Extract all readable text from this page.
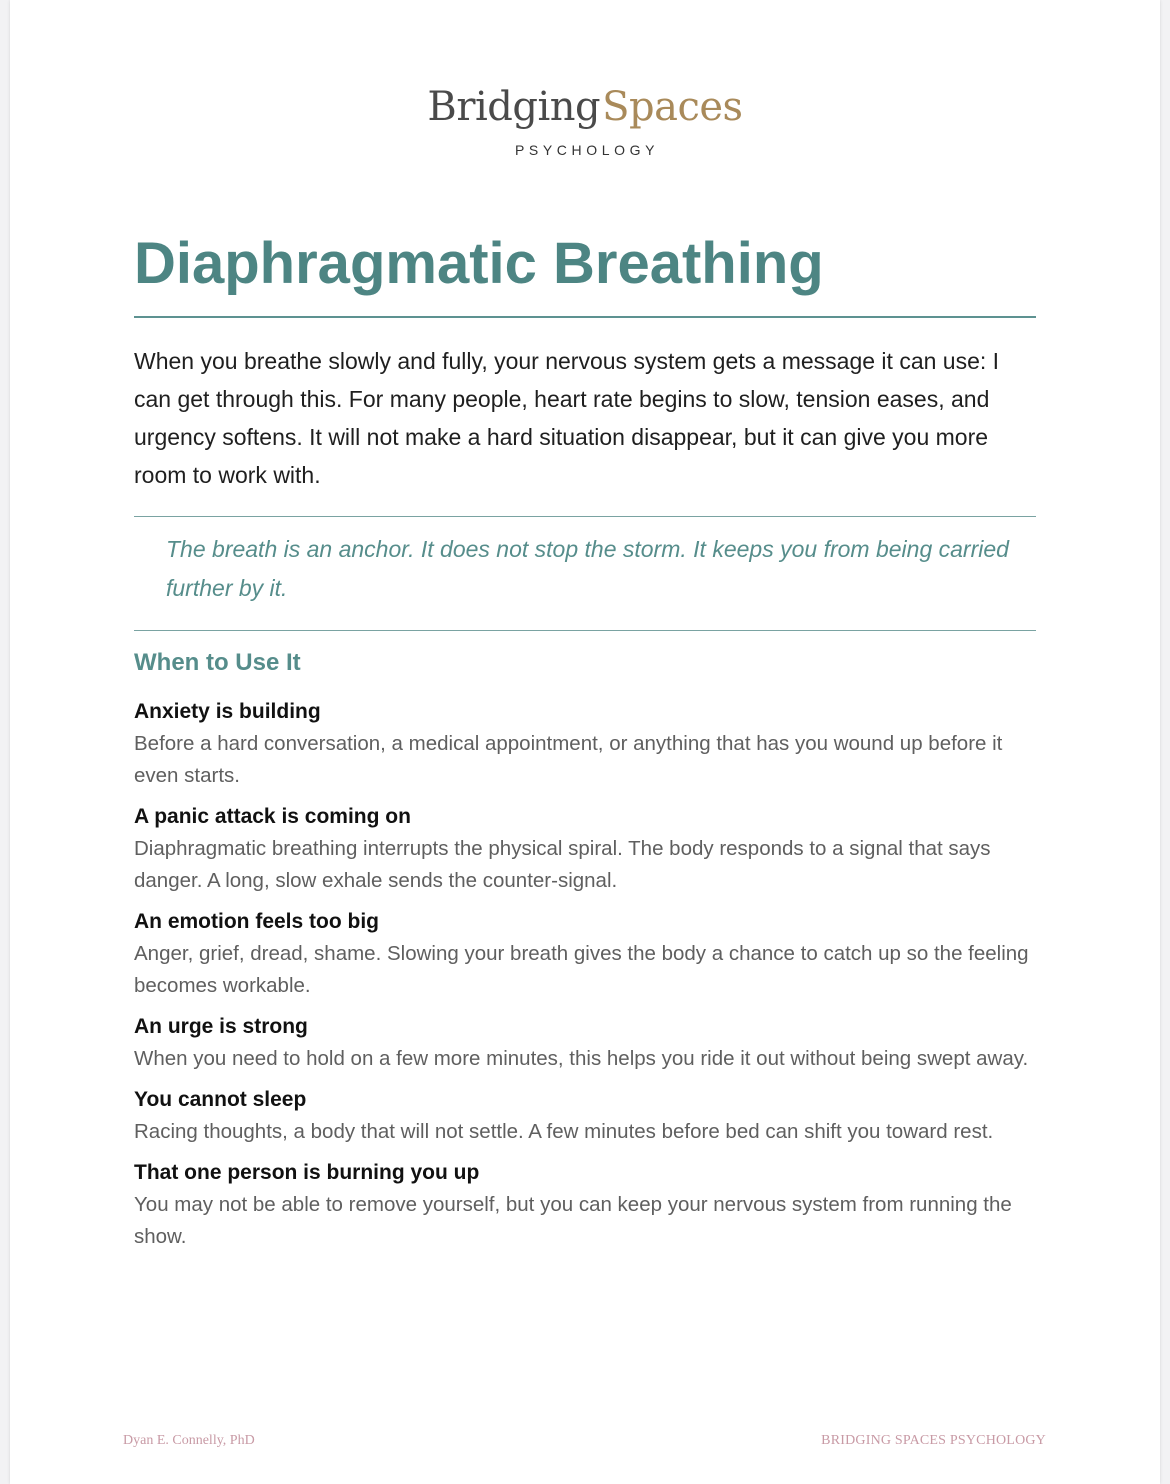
BridgingSpaces
PSYCHOLOGY
Diaphragmatic Breathing

When you breathe slowly and fully, your nervous system gets a message it can use: I can get through this. For many people, heart rate begins to slow, tension eases, and urgency softens. It will not make a hard situation disappear, but it can give you more room to work with.

The breath is an anchor. It does not stop the storm. It keeps you from being carried further by it.

When to Use It
Anxiety is building
Before a hard conversation, a medical appointment, or anything that has you wound up before it even starts.
A panic attack is coming on
Diaphragmatic breathing interrupts the physical spiral. The body responds to a signal that says danger. A long, slow exhale sends the counter-signal.
An emotion feels too big
Anger, grief, dread, shame. Slowing your breath gives the body a chance to catch up so the feeling becomes workable.
An urge is strong
When you need to hold on a few more minutes, this helps you ride it out without being swept away.
You cannot sleep
Racing thoughts, a body that will not settle. A few minutes before bed can shift you toward rest.
That one person is burning you up
You may not be able to remove yourself, but you can keep your nervous system from running the show.
Dyan E. Connelly, PhD	BRIDGING SPACES PSYCHOLOGY
